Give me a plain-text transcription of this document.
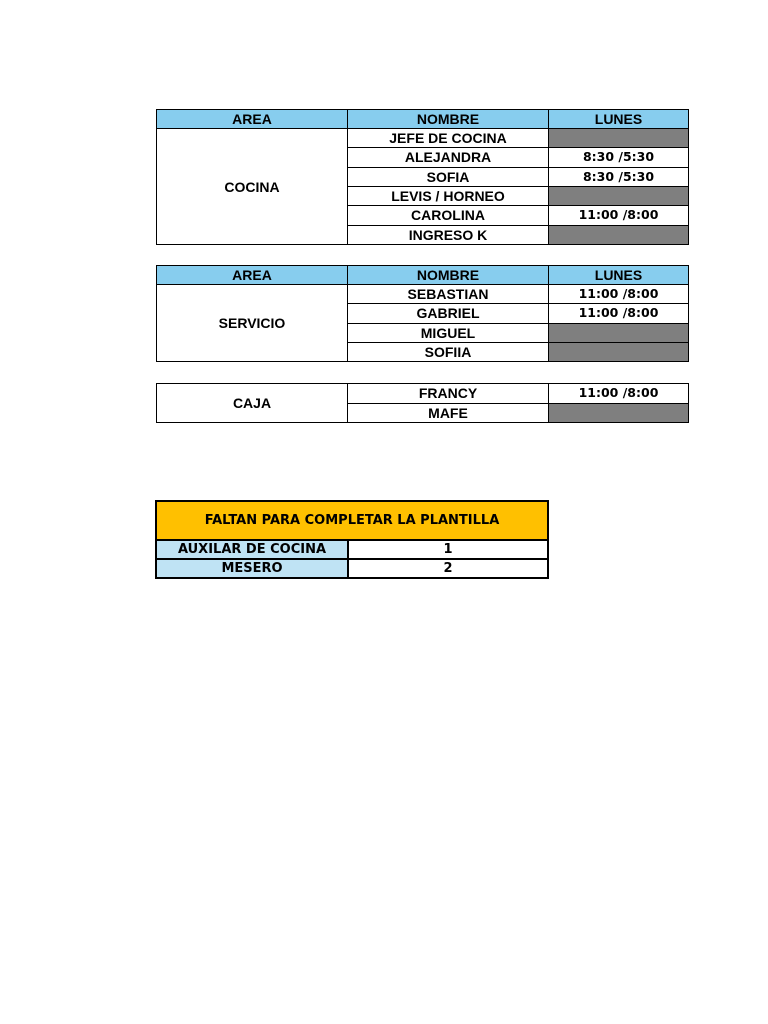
AREA	NOMBRE	LUNES
COCINA	JEFE DE COCINA	
	ALEJANDRA	8:30 /5:30
	SOFIA	8:30 /5:30
	LEVIS / HORNEO	
	CAROLINA	11:00 /8:00
	INGRESO K	
AREA	NOMBRE	LUNES
SERVICIO	SEBASTIAN	11:00 /8:00
	GABRIEL	11:00 /8:00
	MIGUEL	
	SOFIIA	
CAJA	FRANCY	11:00 /8:00
	MAFE	
FALTAN PARA COMPLETAR LA PLANTILLA	
AUXILAR DE COCINA	1
MESERO	2
